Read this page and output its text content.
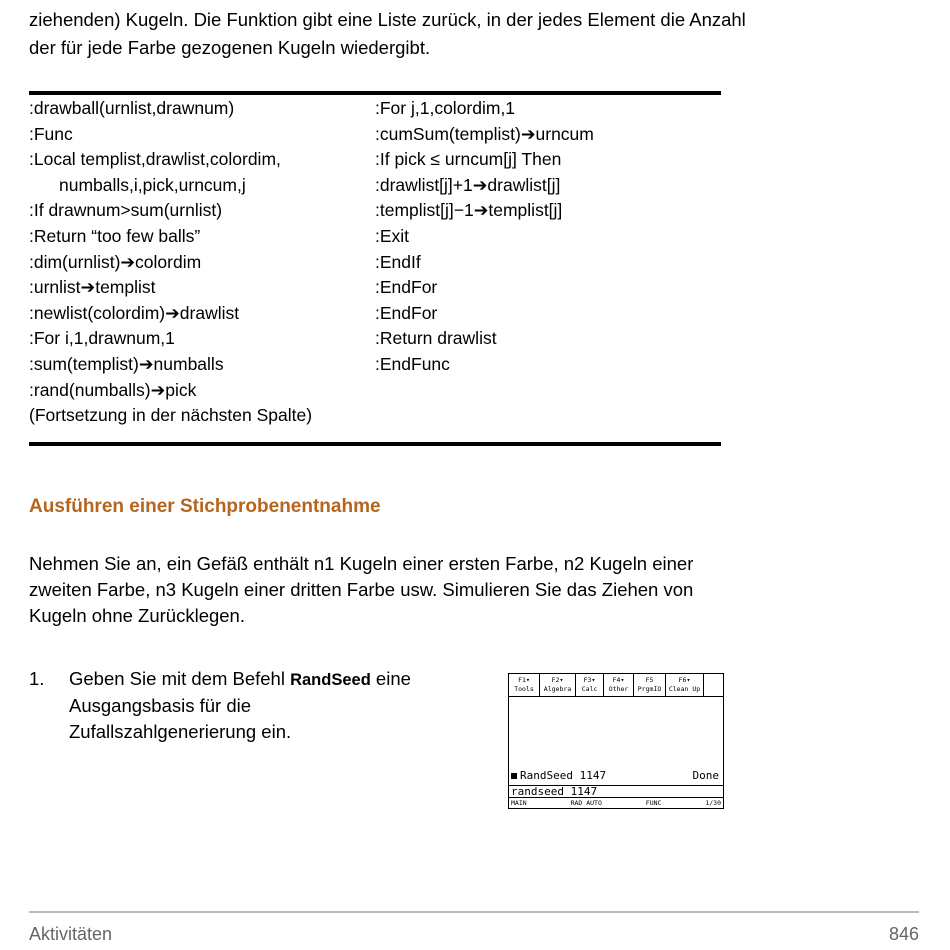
ziehenden) Kugeln. Die Funktion gibt eine Liste zurück, in der jedes Element die Anzahl

der für jede Farbe gezogenen Kugeln wiedergibt.

:drawball(urnlist,drawnum)
:Func
:Local templist,drawlist,colordim,
numballs,i,pick,urncum,j
:If drawnum>sum(urnlist)
:Return “too few balls”
:dim(urnlist)➔colordim
:urnlist➔templist
:newlist(colordim)➔drawlist
:For i,1,drawnum,1
:sum(templist)➔numballs
:rand(numballs)➔pick
(Fortsetzung in der nächsten Spalte)
:For j,1,colordim,1
:cumSum(templist)➔urncum
:If pick ≤ urncum[j] Then
:drawlist[j]+1➔drawlist[j]
:templist[j]−1➔templist[j]
:Exit
:EndIf
:EndFor
:EndFor
:Return drawlist
:EndFunc
Ausführen einer Stichprobenentnahme

Nehmen Sie an, ein Gefäß enthält n1 Kugeln einer ersten Farbe, n2 Kugeln einer

zweiten Farbe, n3 Kugeln einer dritten Farbe usw. Simulieren Sie das Ziehen von

Kugeln ohne Zurücklegen.

1. Geben Sie mit dem Befehl RandSeed eine
Ausgangsbasis für die
Zufallszahlgenerierung ein.
F1▾
Tools
F2▾
Algebra
F3▾
Calc
F4▾
Other
F5
PrgmIO
F6▾
Clean Up
RandSeed 1147	Done
randseed 1147
MAIN	RAD AUTO	FUNC	1/30
Aktivitäten	846
